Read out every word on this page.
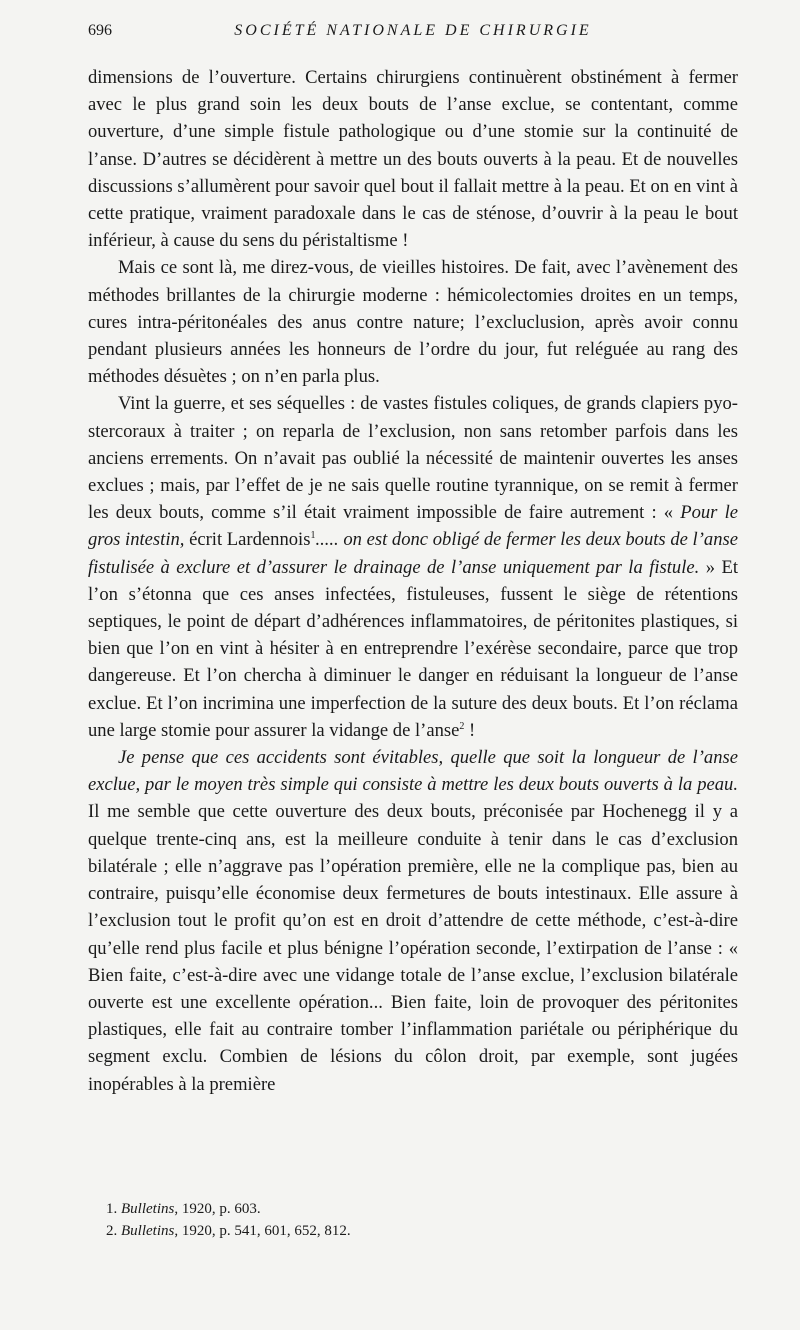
696	SOCIÉTÉ NATIONALE DE CHIRURGIE

dimensions de l’ouverture. Certains chirurgiens continuèrent obstinément à fermer avec le plus grand soin les deux bouts de l’anse exclue, se contentant, comme ouverture, d’une simple fistule pathologique ou d’une stomie sur la continuité de l’anse. D’autres se décidèrent à mettre un des bouts ouverts à la peau. Et de nouvelles discussions s’allumèrent pour savoir quel bout il fallait mettre à la peau. Et on en vint à cette pratique, vraiment paradoxale dans le cas de sténose, d’ouvrir à la peau le bout inférieur, à cause du sens du péristaltisme !

Mais ce sont là, me direz-vous, de vieilles histoires. De fait, avec l’avènement des méthodes brillantes de la chirurgie moderne : hémicolectomies droites en un temps, cures intra-péritonéales des anus contre nature; l’excluclusion, après avoir connu pendant plusieurs années les honneurs de l’ordre du jour, fut reléguée au rang des méthodes désuètes ; on n’en parla plus.

Vint la guerre, et ses séquelles : de vastes fistules coliques, de grands clapiers pyo-stercoraux à traiter ; on reparla de l’exclusion, non sans retomber parfois dans les anciens errements. On n’avait pas oublié la nécessité de maintenir ouvertes les anses exclues ; mais, par l’effet de je ne sais quelle routine tyrannique, on se remit à fermer les deux bouts, comme s’il était vraiment impossible de faire autrement : « Pour le gros intestin, écrit Lardennois$^1$..... on est donc obligé de fermer les deux bouts de l’anse fistulisée à exclure et d’assurer le drainage de l’anse uniquement par la fistule. » Et l’on s’étonna que ces anses infectées, fistuleuses, fussent le siège de rétentions septiques, le point de départ d’adhérences inflammatoires, de péritonites plastiques, si bien que l’on en vint à hésiter à en entreprendre l’exérèse secondaire, parce que trop dangereuse. Et l’on chercha à diminuer le danger en réduisant la longueur de l’anse exclue. Et l’on incrimina une imperfection de la suture des deux bouts. Et l’on réclama une large stomie pour assurer la vidange de l’anse$^2$ !

Je pense que ces accidents sont évitables, quelle que soit la longueur de l’anse exclue, par le moyen très simple qui consiste à mettre les deux bouts ouverts à la peau. Il me semble que cette ouverture des deux bouts, préconisée par Hochenegg il y a quelque trente-cinq ans, est la meilleure conduite à tenir dans le cas d’exclusion bilatérale ; elle n’aggrave pas l’opération première, elle ne la complique pas, bien au contraire, puisqu’elle économise deux fermetures de bouts intestinaux. Elle assure à l’exclusion tout le profit qu’on est en droit d’attendre de cette méthode, c’est-à-dire qu’elle rend plus facile et plus bénigne l’opération seconde, l’extirpation de l’anse : « Bien faite, c’est-à-dire avec une vidange totale de l’anse exclue, l’exclusion bilatérale ouverte est une excellente opération... Bien faite, loin de provoquer des péritonites plastiques, elle fait au contraire tomber l’inflammation pariétale ou périphérique du segment exclu. Combien de lésions du côlon droit, par exemple, sont jugées inopérables à la première

1. Bulletins, 1920, p. 603.
2. Bulletins, 1920, p. 541, 601, 652, 812.
